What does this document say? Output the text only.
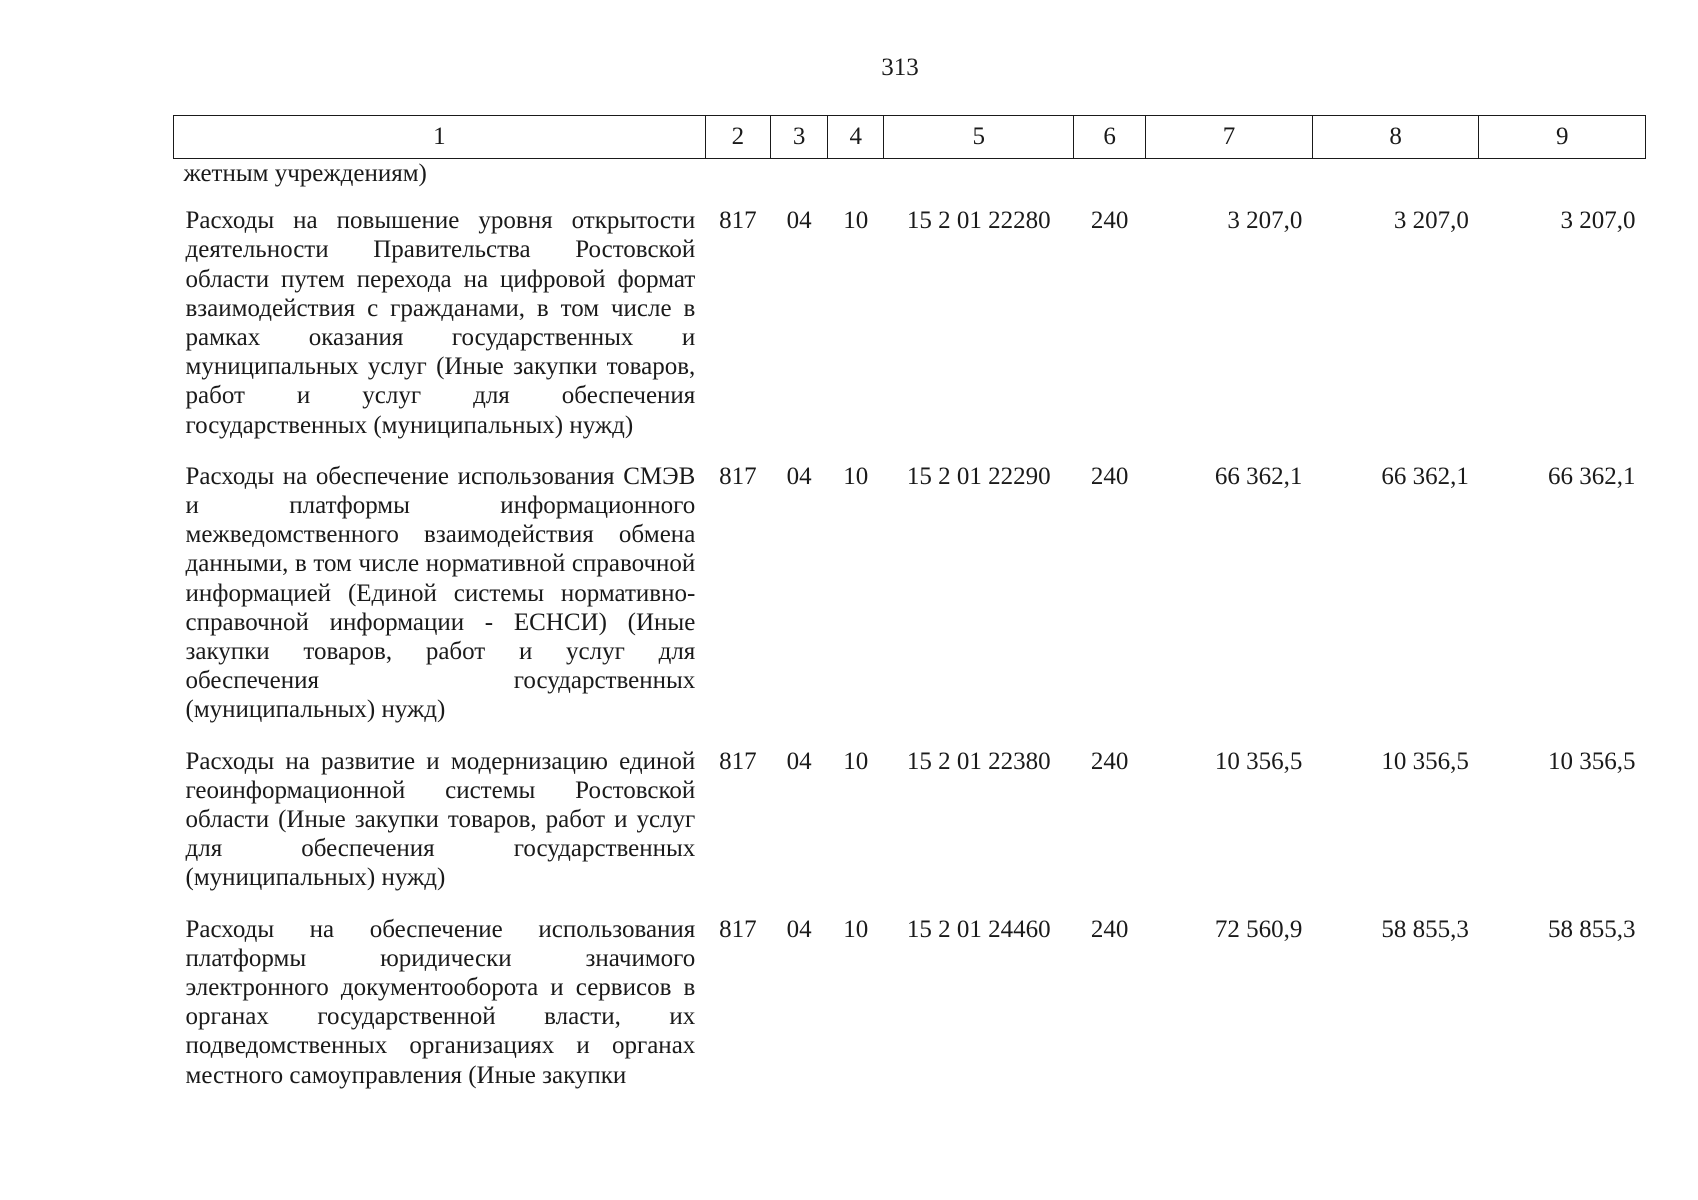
313
1	2	3	4	5	6	7	8	9
жетным учреждениям)								
Расходы на повышение уровня открытости деятельности Правительства Ростовской области путем перехода на цифровой формат взаимодействия с гражданами, в том числе в рамках оказания государственных и муниципальных услуг (Иные закупки товаров, работ и услуг для обеспечения государственных (муниципальных) нужд)	817	04	10	15 2 01 22280	240	3 207,0	3 207,0	3 207,0
Расходы на обеспечение использования СМЭВ и платформы информационного межведомственного взаимодействия обмена данными, в том числе нормативной справочной информацией (Единой системы нормативно-справочной информации - ЕСНСИ) (Иные закупки товаров, работ и услуг для обеспечения государственных (муниципальных) нужд)	817	04	10	15 2 01 22290	240	66 362,1	66 362,1	66 362,1
Расходы на развитие и модернизацию единой геоинформационной системы Ростовской области (Иные закупки товаров, работ и услуг для обеспечения государственных (муниципальных) нужд)	817	04	10	15 2 01 22380	240	10 356,5	10 356,5	10 356,5
Расходы на обеспечение использования платформы юридически значимого электронного документооборота и сервисов в органах государственной власти, их подведомственных организациях и органах местного самоуправления (Иные закупки	817	04	10	15 2 01 24460	240	72 560,9	58 855,3	58 855,3
